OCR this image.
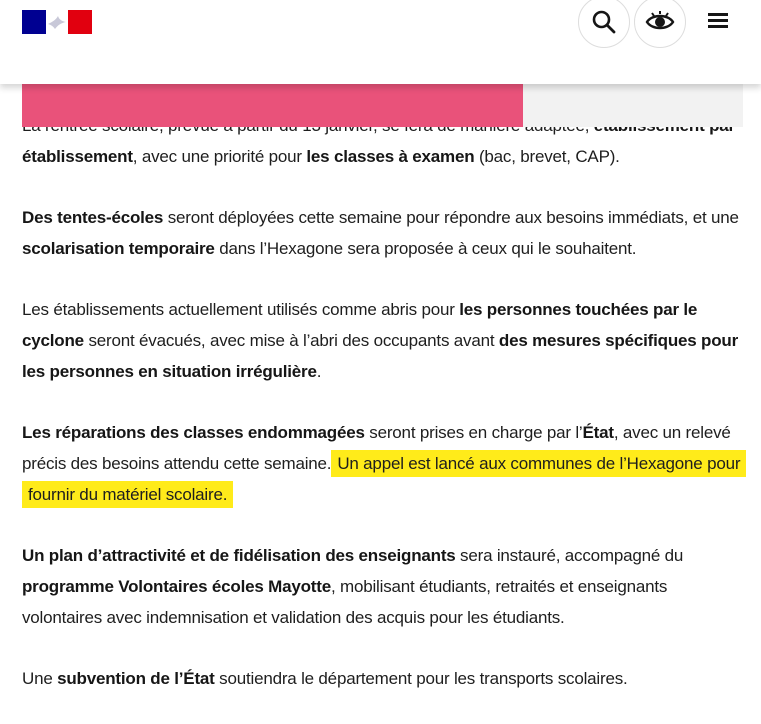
établissement, avec une priorité pour les classes à examen (bac, brevet, CAP).

Des tentes-écoles seront déployées cette semaine pour répondre aux besoins immédiats, et une scolarisation temporaire dans l’Hexagone sera proposée à ceux qui le souhaitent.

Les établissements actuellement utilisés comme abris pour les personnes touchées par le cyclone seront évacués, avec mise à l’abri des occupants avant des mesures spécifiques pour les personnes en situation irrégulière.

Les réparations des classes endommagées seront prises en charge par l’État, avec un relevé précis des besoins attendu cette semaine. Un appel est lancé aux communes de l’Hexagone pour fournir du matériel scolaire.

Un plan d’attractivité et de fidélisation des enseignants sera instauré, accompagné du programme Volontaires écoles Mayotte, mobilisant étudiants, retraités et enseignants volontaires avec indemnisation et validation des acquis pour les étudiants.

Une subvention de l’État soutiendra le département pour les transports scolaires.
